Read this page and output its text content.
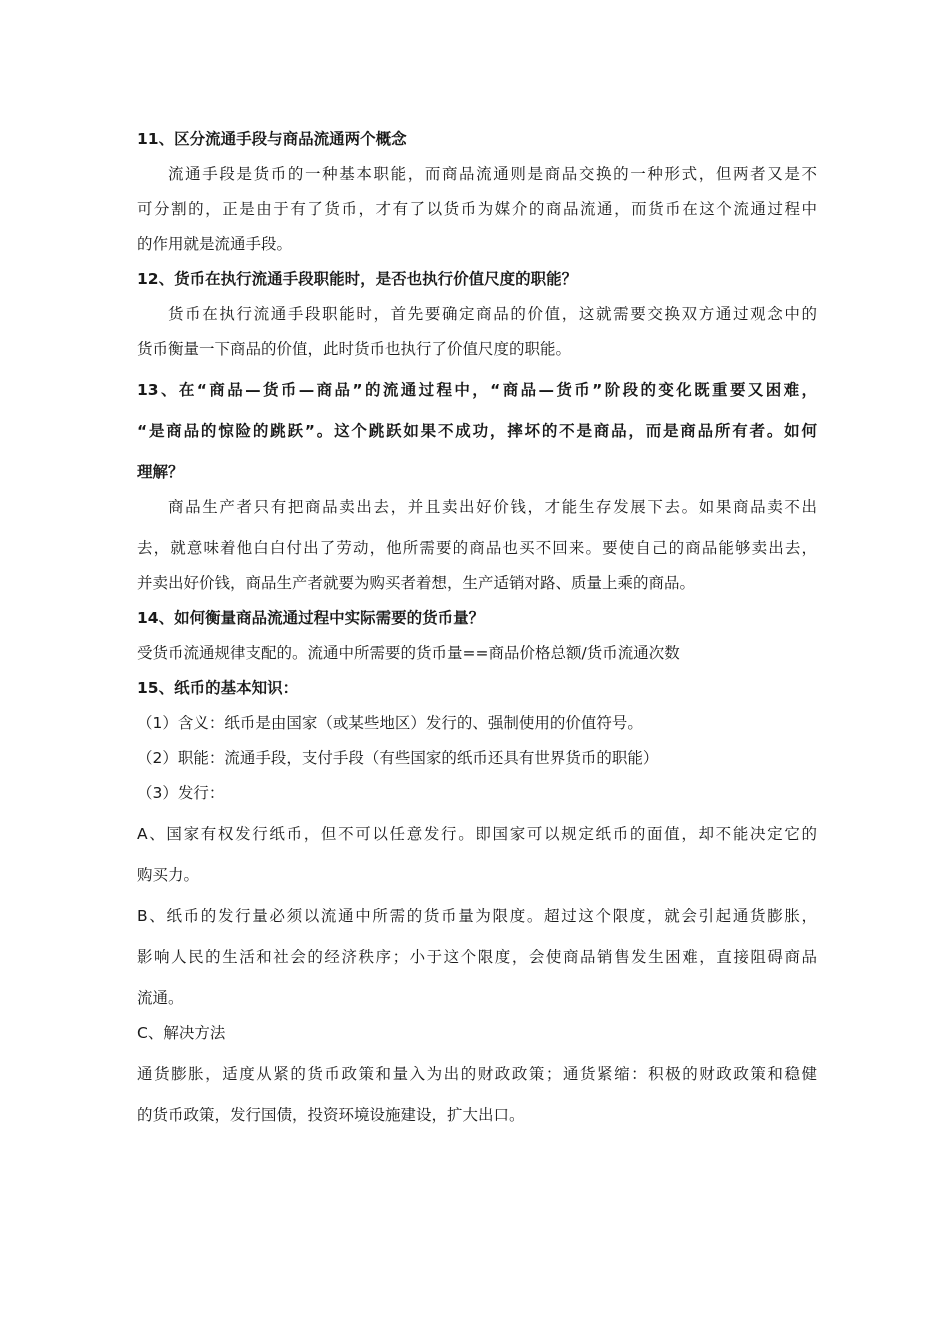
11、区分流通手段与商品流通两个概念
流通手段是货币的一种基本职能，而商品流通则是商品交换的一种形式，但两者又是不
可分割的，正是由于有了货币，才有了以货币为媒介的商品流通，而货币在这个流通过程中
的作用就是流通手段。
12、货币在执行流通手段职能时，是否也执行价值尺度的职能？
货币在执行流通手段职能时，首先要确定商品的价值，这就需要交换双方通过观念中的
货币衡量一下商品的价值，此时货币也执行了价值尺度的职能。
13、在“商品—货币—商品”的流通过程中，“商品—货币”阶段的变化既重要又困难，
“是商品的惊险的跳跃”。这个跳跃如果不成功，摔坏的不是商品，而是商品所有者。如何
理解？
商品生产者只有把商品卖出去，并且卖出好价钱，才能生存发展下去。如果商品卖不出
去，就意味着他白白付出了劳动，他所需要的商品也买不回来。要使自己的商品能够卖出去，
并卖出好价钱，商品生产者就要为购买者着想，生产适销对路、质量上乘的商品。
14、如何衡量商品流通过程中实际需要的货币量？
受货币流通规律支配的。流通中所需要的货币量==商品价格总额/货币流通次数
15、纸币的基本知识：
（1）含义：纸币是由国家（或某些地区）发行的、强制使用的价值符号。
（2）职能：流通手段，支付手段（有些国家的纸币还具有世界货币的职能）
（3）发行：
A、国家有权发行纸币，但不可以任意发行。即国家可以规定纸币的面值，却不能决定它的
购买力。
B、纸币的发行量必须以流通中所需的货币量为限度。超过这个限度，就会引起通货膨胀，
影响人民的生活和社会的经济秩序；小于这个限度，会使商品销售发生困难，直接阻碍商品
流通。
C、解决方法
通货膨胀，适度从紧的货币政策和量入为出的财政政策；通货紧缩：积极的财政政策和稳健
的货币政策，发行国债，投资环境设施建设，扩大出口。
